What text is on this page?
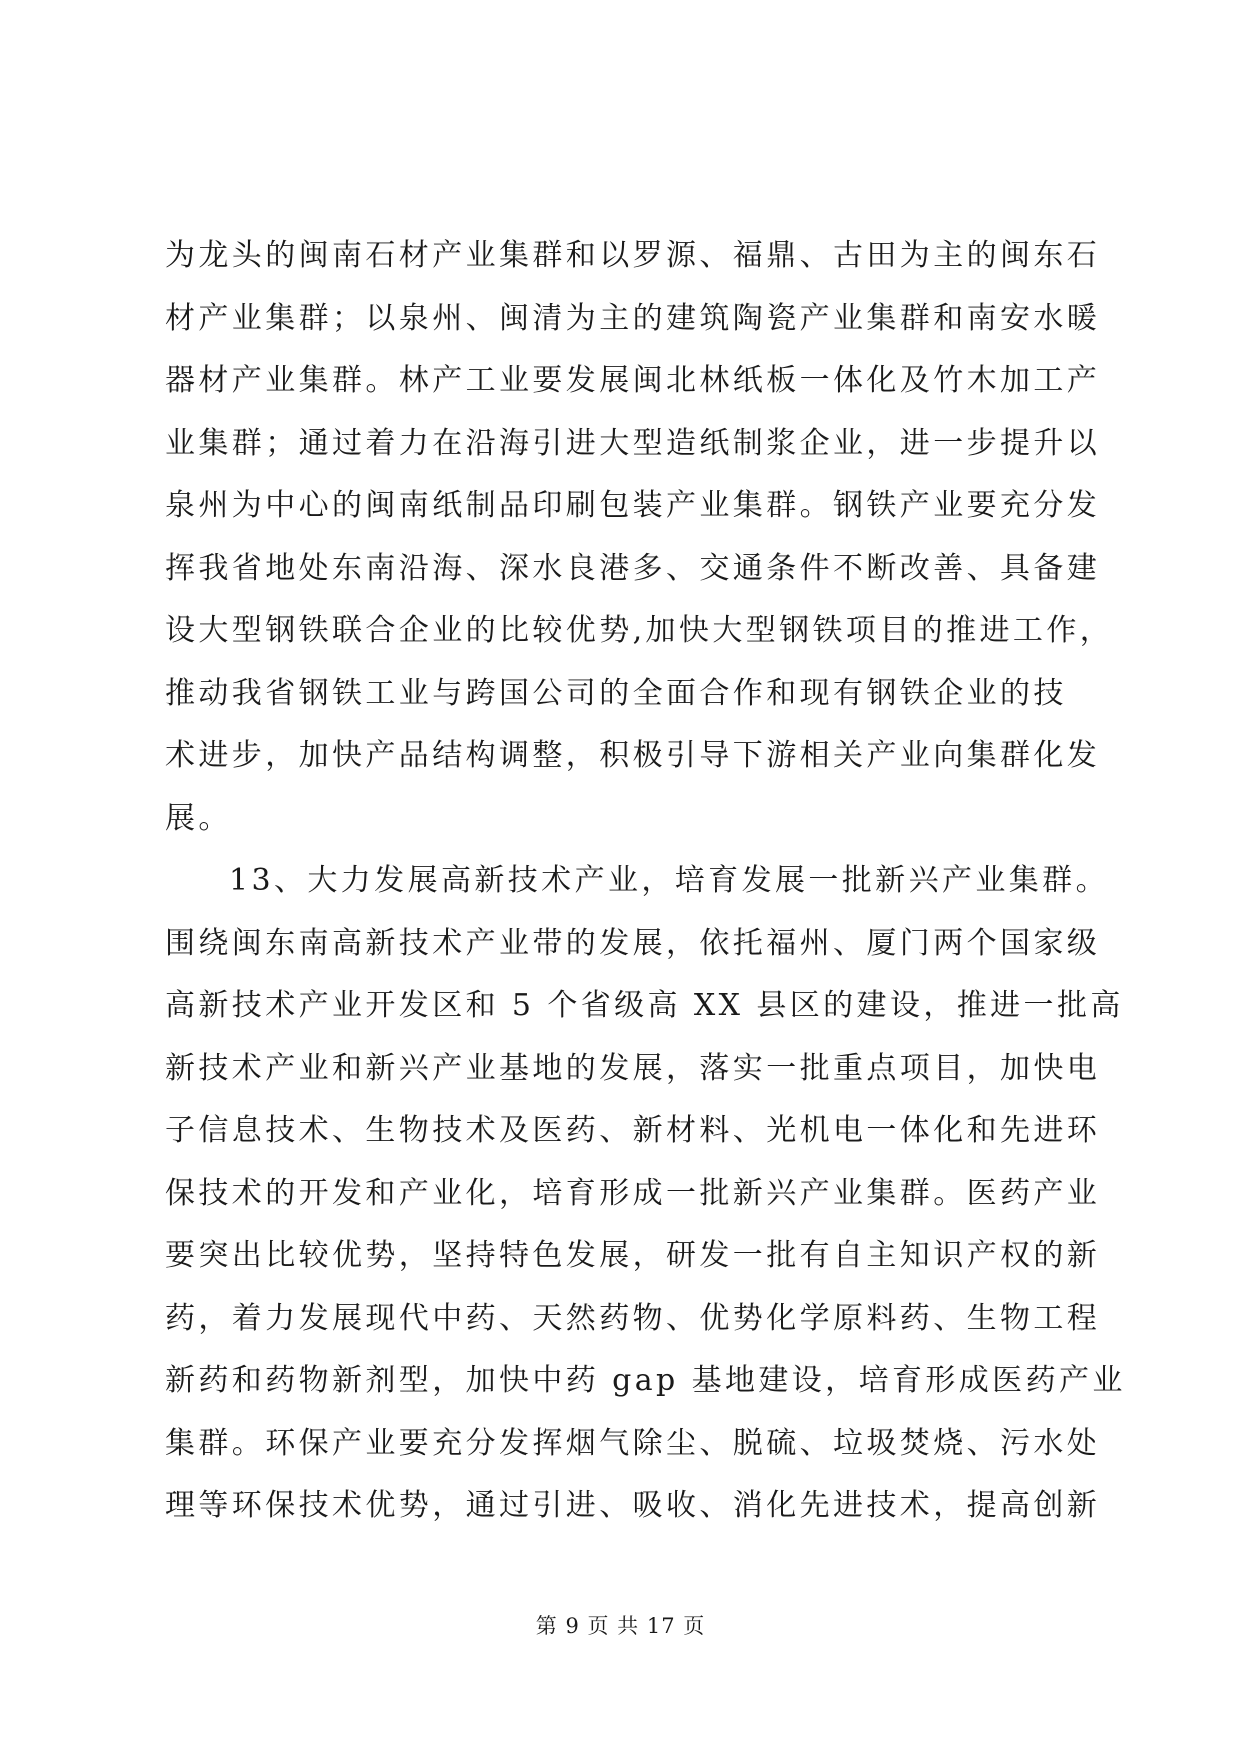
为龙头的闽南石材产业集群和以罗源、福鼎、古田为主的闽东石
材产业集群；以泉州、闽清为主的建筑陶瓷产业集群和南安水暖
器材产业集群。林产工业要发展闽北林纸板一体化及竹木加工产
业集群；通过着力在沿海引进大型造纸制浆企业，进一步提升以
泉州为中心的闽南纸制品印刷包装产业集群。钢铁产业要充分发
挥我省地处东南沿海、深水良港多、交通条件不断改善、具备建
设大型钢铁联合企业的比较优势,加快大型钢铁项目的推进工作，
推动我省钢铁工业与跨国公司的全面合作和现有钢铁企业的技
术进步，加快产品结构调整，积极引导下游相关产业向集群化发
展。
13、大力发展高新技术产业，培育发展一批新兴产业集群。
围绕闽东南高新技术产业带的发展，依托福州、厦门两个国家级
高新技术产业开发区和 5 个省级高 XX 县区的建设，推进一批高
新技术产业和新兴产业基地的发展，落实一批重点项目，加快电
子信息技术、生物技术及医药、新材料、光机电一体化和先进环
保技术的开发和产业化，培育形成一批新兴产业集群。医药产业
要突出比较优势，坚持特色发展，研发一批有自主知识产权的新
药，着力发展现代中药、天然药物、优势化学原料药、生物工程
新药和药物新剂型，加快中药 gap 基地建设，培育形成医药产业
集群。环保产业要充分发挥烟气除尘、脱硫、垃圾焚烧、污水处
理等环保技术优势，通过引进、吸收、消化先进技术，提高创新
第 9 页 共 17 页
